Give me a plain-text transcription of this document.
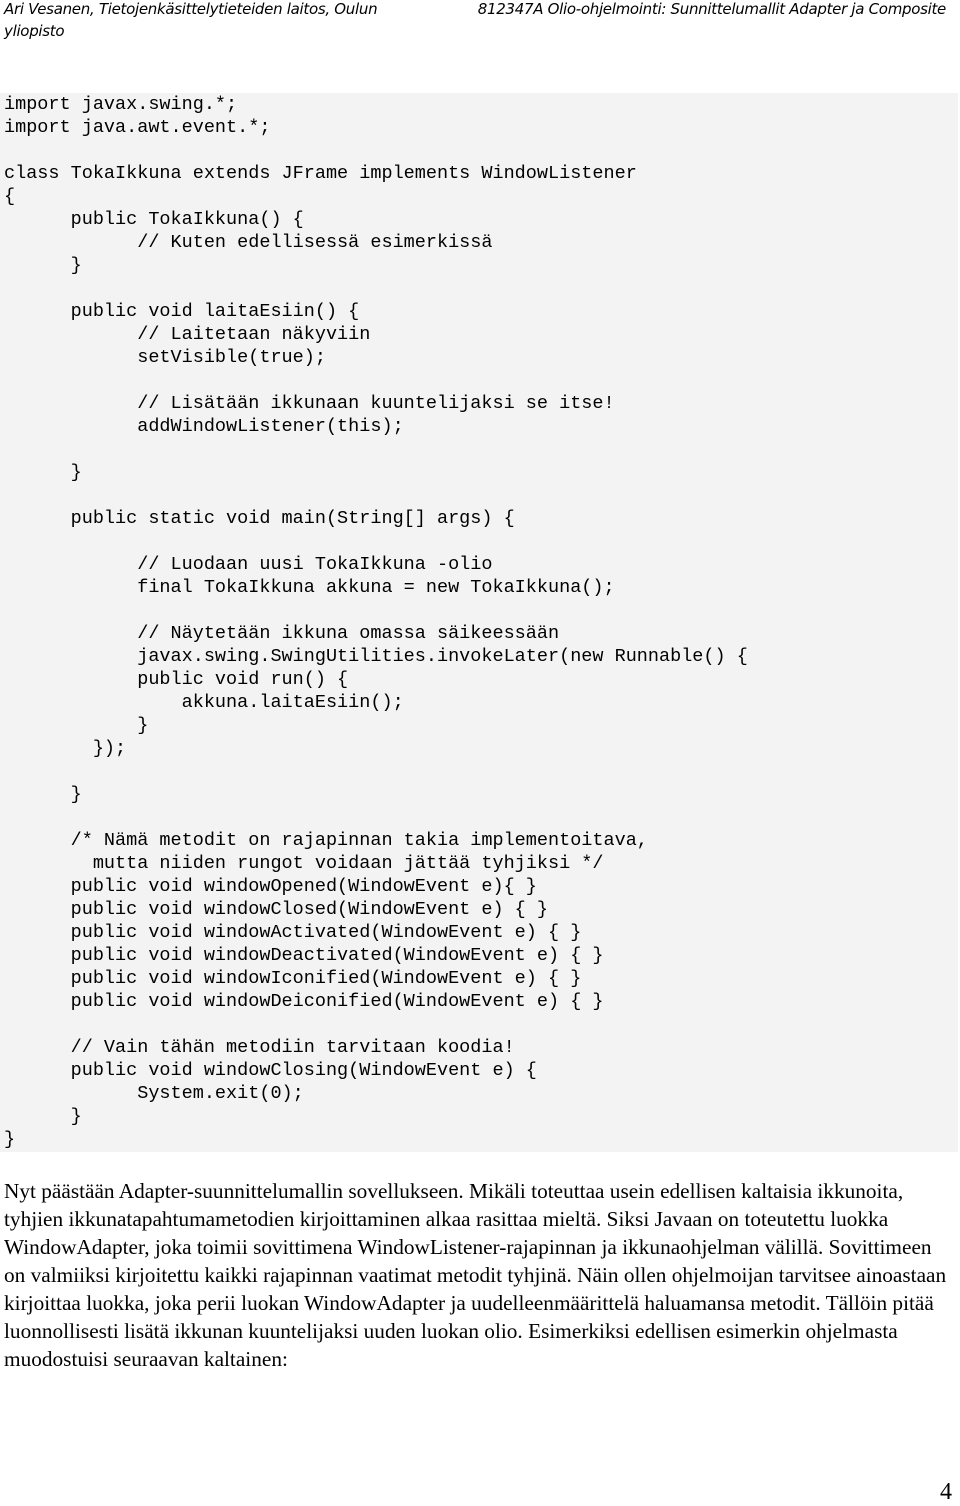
Ari Vesanen, Tietojenkäsittelytieteiden laitos, Oulun yliopisto
812347A Olio-ohjelmointi: Sunnittelumallit Adapter ja Composite
import javax.swing.*;
import java.awt.event.*;

class TokaIkkuna extends JFrame implements WindowListener
{
public TokaIkkuna() {
// Kuten edellisessä esimerkissä
}

public void laitaEsiin() {
// Laitetaan näkyviin
setVisible(true);

// Lisätään ikkunaan kuuntelijaksi se itse!
addWindowListener(this);

}

public static void main(String[] args) {

// Luodaan uusi TokaIkkuna -olio
final TokaIkkuna akkuna = new TokaIkkuna();

// Näytetään ikkuna omassa säikeessään
javax.swing.SwingUtilities.invokeLater(new Runnable() {
public void run() {
akkuna.laitaEsiin();
}
});

}

/* Nämä metodit on rajapinnan takia implementoitava,
mutta niiden rungot voidaan jättää tyhjiksi */
public void windowOpened(WindowEvent e){ }
public void windowClosed(WindowEvent e) { }
public void windowActivated(WindowEvent e) { }
public void windowDeactivated(WindowEvent e) { }
public void windowIconified(WindowEvent e) { }
public void windowDeiconified(WindowEvent e) { }

// Vain tähän metodiin tarvitaan koodia!
public void windowClosing(WindowEvent e) {
System.exit(0);
}
}

Nyt päästään Adapter-suunnittelumallin sovellukseen. Mikäli toteuttaa usein edellisen kaltaisia ikkunoita, tyhjien ikkunatapahtumametodien kirjoittaminen alkaa rasittaa mieltä. Siksi Javaan on toteutettu luokka WindowAdapter, joka toimii sovittimena WindowListener-rajapinnan ja ikkunaohjelman välillä. Sovittimeen on valmiiksi kirjoitettu kaikki rajapinnan vaatimat metodit tyhjinä. Näin ollen ohjelmoijan tarvitsee ainoastaan kirjoittaa luokka, joka perii luokan WindowAdapter ja uudelleenmäärittelä haluamansa metodit. Tällöin pitää luonnollisesti lisätä ikkunan kuuntelijaksi uuden luokan olio. Esimerkiksi edellisen esimerkin ohjelmasta muodostuisi seuraavan kaltainen:

4
